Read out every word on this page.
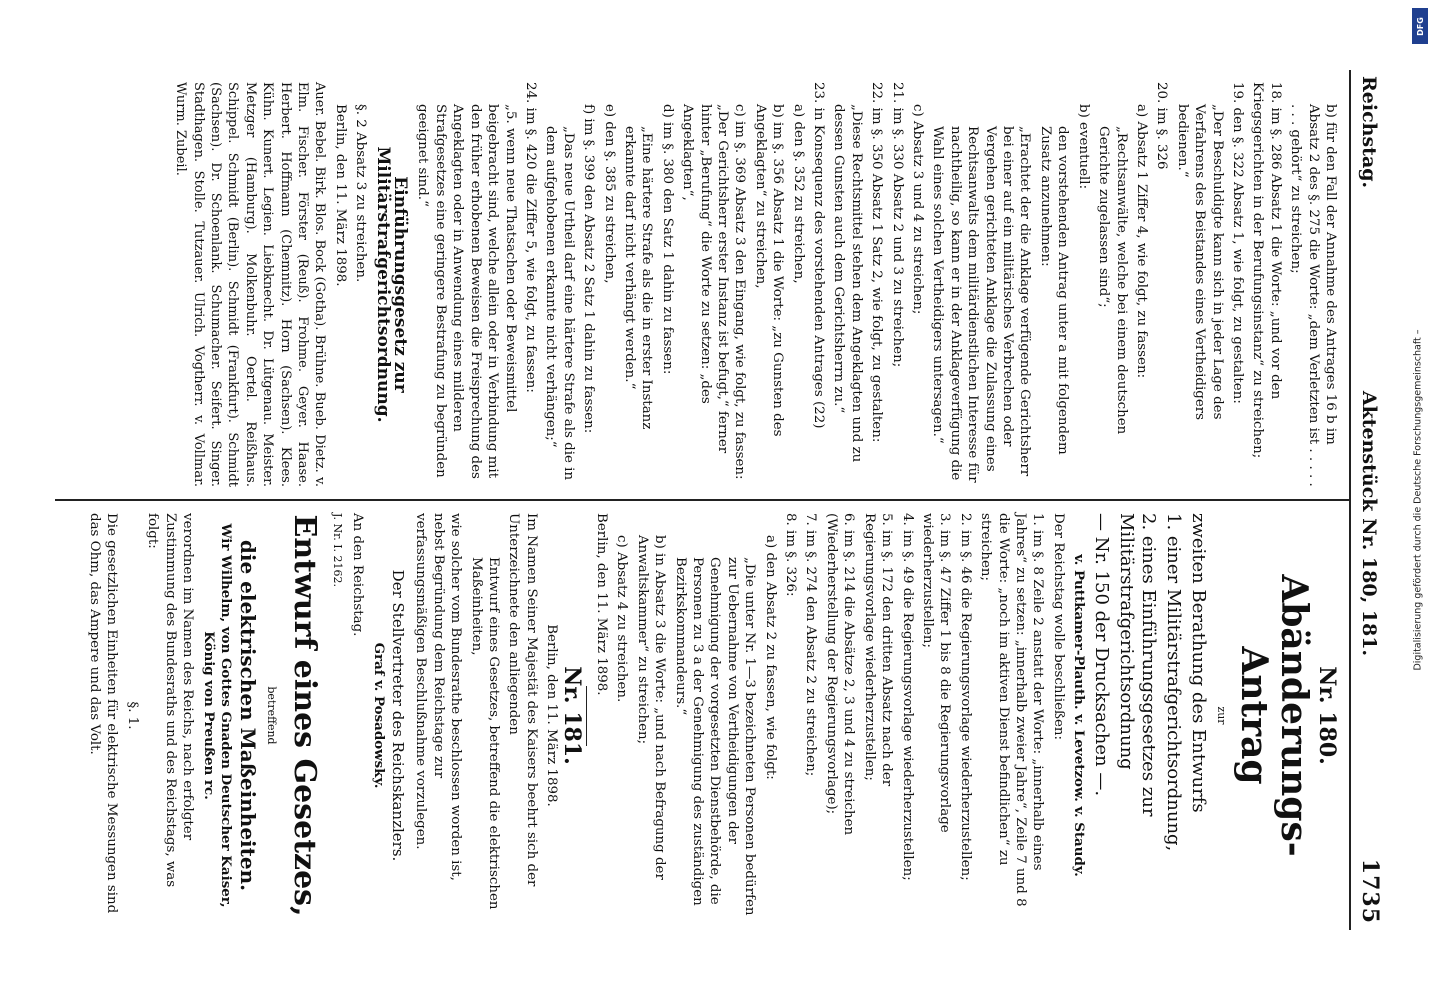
Reichstag.
Aktenstück Nr. 180, 181.
1735

b) für den Fall der Annahme des Antrages 16 b im Absatz 2 des §. 275 die Worte: „dem Verletzten ist . . . . . . . . gehört“ zu streichen;

18. im §. 286 Absatz 1 die Worte: „und vor den Kriegsgerichten in der Berufungsinstanz“ zu streichen;

19. den §. 322 Absatz 1, wie folgt, zu gestalten:

„Der Beschuldigte kann sich in jeder Lage des Verfahrens des Beistandes eines Vertheidigers bedienen.“

20. im §. 326

a) Absatz 1 Ziffer 4, wie folgt, zu fassen:

„Rechtsanwälte, welche bei einem deutschen Gerichte zugelassen sind“;

b) eventuell:

den vorstehenden Antrag unter a mit folgendem Zusatz anzunehmen:

„Erachtet der die Anklage verfügende Gerichtsherr bei einer auf ein militärisches Verbrechen oder Vergehen gerichteten Anklage die Zulassung eines Rechtsanwalts dem militärdienstlichen Interesse für nachtheilig, so kann er in der Anklageverfügung die Wahl eines solchen Vertheidigers untersagen.“

c) Absatz 3 und 4 zu streichen;

21. im §. 330 Absatz 2 und 3 zu streichen;

22. im §. 350 Absatz 1 Satz 2, wie folgt, zu gestalten:

„Diese Rechtsmittel stehen dem Angeklagten und zu dessen Gunsten auch dem Gerichtsherrn zu.“

23. in Konsequenz des vorstehenden Antrages (22)

a) den §. 352 zu streichen,

b) im §. 356 Absatz 1 die Worte: „zu Gunsten des Angeklagten“ zu streichen,

c) im §. 369 Absatz 3 den Eingang, wie folgt, zu fassen: „Der Gerichtsherr erster Instanz ist befugt,“ ferner hinter „Berufung“ die Worte zu setzen: „des Angeklagten“,

d) im §. 380 den Satz 1 dahin zu fassen:

„Eine härtere Strafe als die in erster Instanz erkannte darf nicht verhängt werden.“

e) den §. 385 zu streichen,

f) im §. 399 den Absatz 2 Satz 1 dahin zu fassen:

„Das neue Urtheil darf eine härtere Strafe als die in dem aufgehobenen erkannte nicht verhängen;“

24. im §. 420 die Ziffer 5, wie folgt, zu fassen:

„5. wenn neue Thatsachen oder Beweismittel beigebracht sind, welche allein oder in Verbindung mit den früher erhobenen Beweisen die Freisprechung des Angeklagten oder in Anwendung eines milderen Strafgesetzes eine geringere Bestrafung zu begründen geeignet sind.“

Einführungsgesetz zur Militärstrafgerichtsordnung.

§. 2 Absatz 3 zu streichen.

Berlin, den 11. März 1898.

Auer. Bebel. Birk. Blos. Bock (Gotha). Brühne. Bueb. Dietz. v. Elm. Fischer. Förster (Reuß). Frohme. Geyer. Haase. Herbert. Hoffmann (Chemnitz). Horn (Sachsen). Klees. Kühn. Kunert. Legien. Liebknecht. Dr. Lütgenau. Meister. Metzger (Hamburg). Molkenbuhr. Oertel. Reißhaus. Schippel. Schmidt (Berlin). Schmidt (Frankfurt). Schmidt (Sachsen). Dr. Schoenlank. Schumacher. Seifert. Singer. Stadthagen. Stolle. Tutzauer. Ulrich. Vogtherr. v. Vollmar. Wurm. Zubeil.

Nr. 180.
Abänderungs-Antrag

zur

zweiten Berathung des Entwurfs

1. einer Militärstrafgerichtsordnung,

2. eines Einführungsgesetzes zur Militärstrafgerichtsordnung

— Nr. 150 der Drucksachen —.

v. Puttkamer-Plauth. v. Levetzow. v. Staudy.

Der Reichstag wolle beschließen:

1. im §. 8 Zeile 2 anstatt der Worte: „innerhalb eines Jahres“ zu setzen: „innerhalb zweier Jahre“, Zeile 7 und 8 die Worte: „noch im aktiven Dienst befindlichen“ zu streichen;

2. im §. 46 die Regierungsvorlage wiederherzustellen;

3. im §. 47 Ziffer 1 bis 8 die Regierungsvorlage wiederherzustellen;

4. im §. 49 die Regierungsvorlage wiederherzustellen;

5. im §. 172 den dritten Absatz nach der Regierungsvorlage wiederherzustellen;

6. im §. 214 die Absätze 2, 3 und 4 zu streichen (Wiederherstellung der Regierungsvorlage);

7. im §. 274 den Absatz 2 zu streichen;

8. im §. 326:

a) den Absatz 2 zu fassen, wie folgt:

„Die unter Nr. 1—3 bezeichneten Personen bedürfen zur Uebernahme von Vertheidigungen der Genehmigung der vorgesetzten Dienstbehörde, die Personen zu 3 a der Genehmigung des zuständigen Bezirkskommandeurs.“

b) in Absatz 3 die Worte: „und nach Befragung der Anwaltskammer“ zu streichen;

c) Absatz 4 zu streichen.

Berlin, den 11. März 1898.

Nr. 181.

Berlin, den 11. März 1898.

Im Namen Seiner Majestät des Kaisers beehrt sich der Unterzeichnete den anliegenden

Entwurf eines Gesetzes, betreffend die elektrischen Maßeinheiten,

wie solcher vom Bundesrathe beschlossen worden ist, nebst Begründung dem Reichstage zur verfassungsmäßigen Beschlußnahme vorzulegen.

Der Stellvertreter des Reichskanzlers.

Graf v. Posadowsky.

An den Reichstag.

J. Nr. I. 2162.

Entwurf eines Gesetzes,

betreffend

die elektrischen Maßeinheiten.

Wir Wilhelm, von Gottes Gnaden Deutscher Kaiser, König von Preußen rc.

verordnen im Namen des Reichs, nach erfolgter Zustimmung des Bundesraths und des Reichstags, was folgt:

§. 1.

Die gesetzlichen Einheiten für elektrische Messungen sind das Ohm, das Ampere und das Volt.	Digitalisierung gefördert durch die Deutsche Forschungsgemeinschaft –
DFG
